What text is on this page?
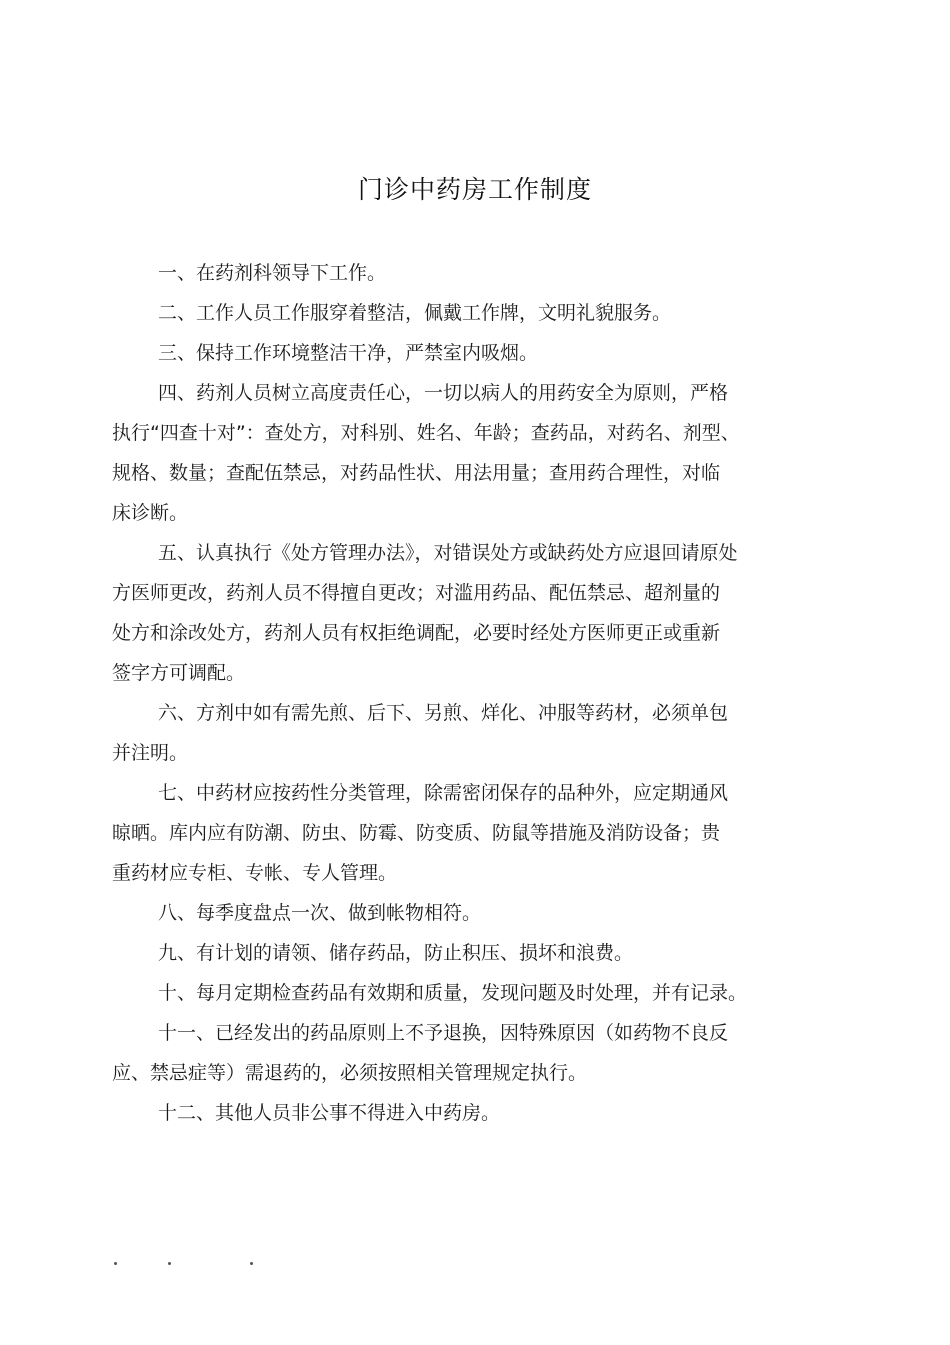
门诊中药房工作制度
一、在药剂科领导下工作。
二、工作人员工作服穿着整洁，佩戴工作牌，文明礼貌服务。
三、保持工作环境整洁干净，严禁室内吸烟。
四、药剂人员树立高度责任心，一切以病人的用药安全为原则，严格
执行“四查十对”：查处方，对科别、姓名、年龄；查药品，对药名、剂型、
规格、数量；查配伍禁忌，对药品性状、用法用量；查用药合理性，对临
床诊断。
五、认真执行《处方管理办法》，对错误处方或缺药处方应退回请原处
方医师更改，药剂人员不得擅自更改；对滥用药品、配伍禁忌、超剂量的
处方和涂改处方，药剂人员有权拒绝调配，必要时经处方医师更正或重新
签字方可调配。
六、方剂中如有需先煎、后下、另煎、烊化、冲服等药材，必须单包
并注明。
七、中药材应按药性分类管理，除需密闭保存的品种外，应定期通风
晾晒。库内应有防潮、防虫、防霉、防变质、防鼠等措施及消防设备；贵
重药材应专柜、专帐、专人管理。
八、每季度盘点一次、做到帐物相符。
九、有计划的请领、储存药品，防止积压、损坏和浪费。
十、每月定期检查药品有效期和质量，发现问题及时处理，并有记录。
十一、已经发出的药品原则上不予退换，因特殊原因（如药物不良反
应、禁忌症等）需退药的，必须按照相关管理规定执行。
十二、其他人员非公事不得进入中药房。
